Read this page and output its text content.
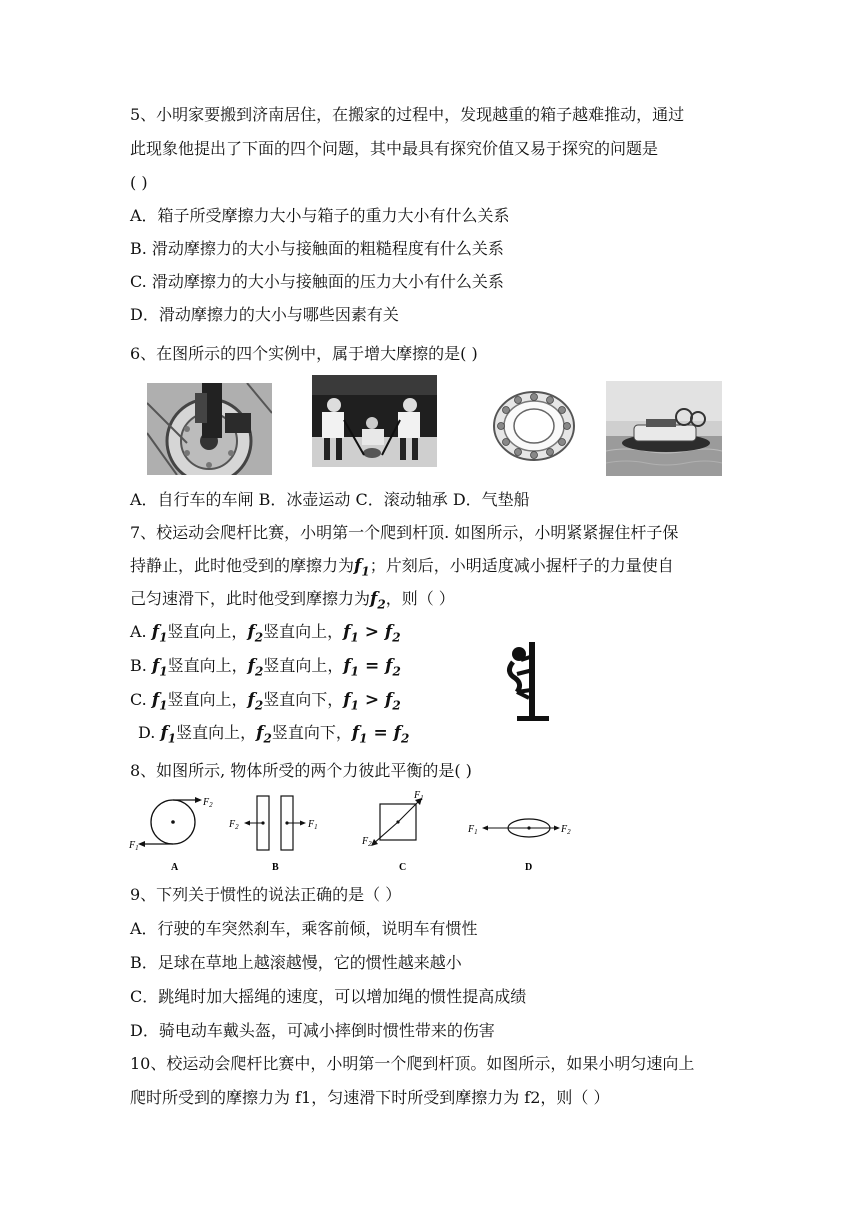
5、小明家要搬到济南居住，在搬家的过程中，发现越重的箱子越难推动，通过
此现象他提出了下面的四个问题，其中最具有探究价值又易于探究的问题是
( )
A．箱子所受摩擦力大小与箱子的重力大小有什么关系
B. 滑动摩擦力的大小与接触面的粗糙程度有什么关系
C. 滑动摩擦力的大小与接触面的压力大小有什么关系
D．滑动摩擦力的大小与哪些因素有关
6、在图所示的四个实例中，属于增大摩擦的是( )
A．自行车的车闸 B．冰壶运动 C．滚动轴承 D．气垫船
7、校运动会爬杆比赛，小明第一个爬到杆顶. 如图所示，小明紧紧握住杆子保
持静止，此时他受到的摩擦力为$f_1$；片刻后，小明适度减小握杆子的力量使自
己匀速滑下，此时他受到摩擦力为$f_2$，则（ ）
A. $f_1$竖直向上，$f_2$竖直向上，$f_1 > f_2$
B. $f_1$竖直向上，$f_2$竖直向上，$f_1 = f_2$
C. $f_1$竖直向上，$f_2$竖直向下，$f_1 > f_2$
D. $f_1$竖直向上，$f_2$竖直向下，$f_1 = f_2$
8、如图所示, 物体所受的两个力彼此平衡的是( )
$F_2$
$F_1$
A
$F_2$	$F_1$
B
$F_1$
$F_2$
C
$F_1$	$F_2$
D
9、下列关于惯性的说法正确的是（ ）
A．行驶的车突然刹车，乘客前倾，说明车有惯性
B．足球在草地上越滚越慢，它的惯性越来越小
C．跳绳时加大摇绳的速度，可以增加绳的惯性提高成绩
D．骑电动车戴头盔，可减小摔倒时惯性带来的伤害
10、校运动会爬杆比赛中，小明第一个爬到杆顶。如图所示，如果小明匀速向上
爬时所受到的摩擦力为 f1，匀速滑下时所受到摩擦力为 f2，则（ ）
